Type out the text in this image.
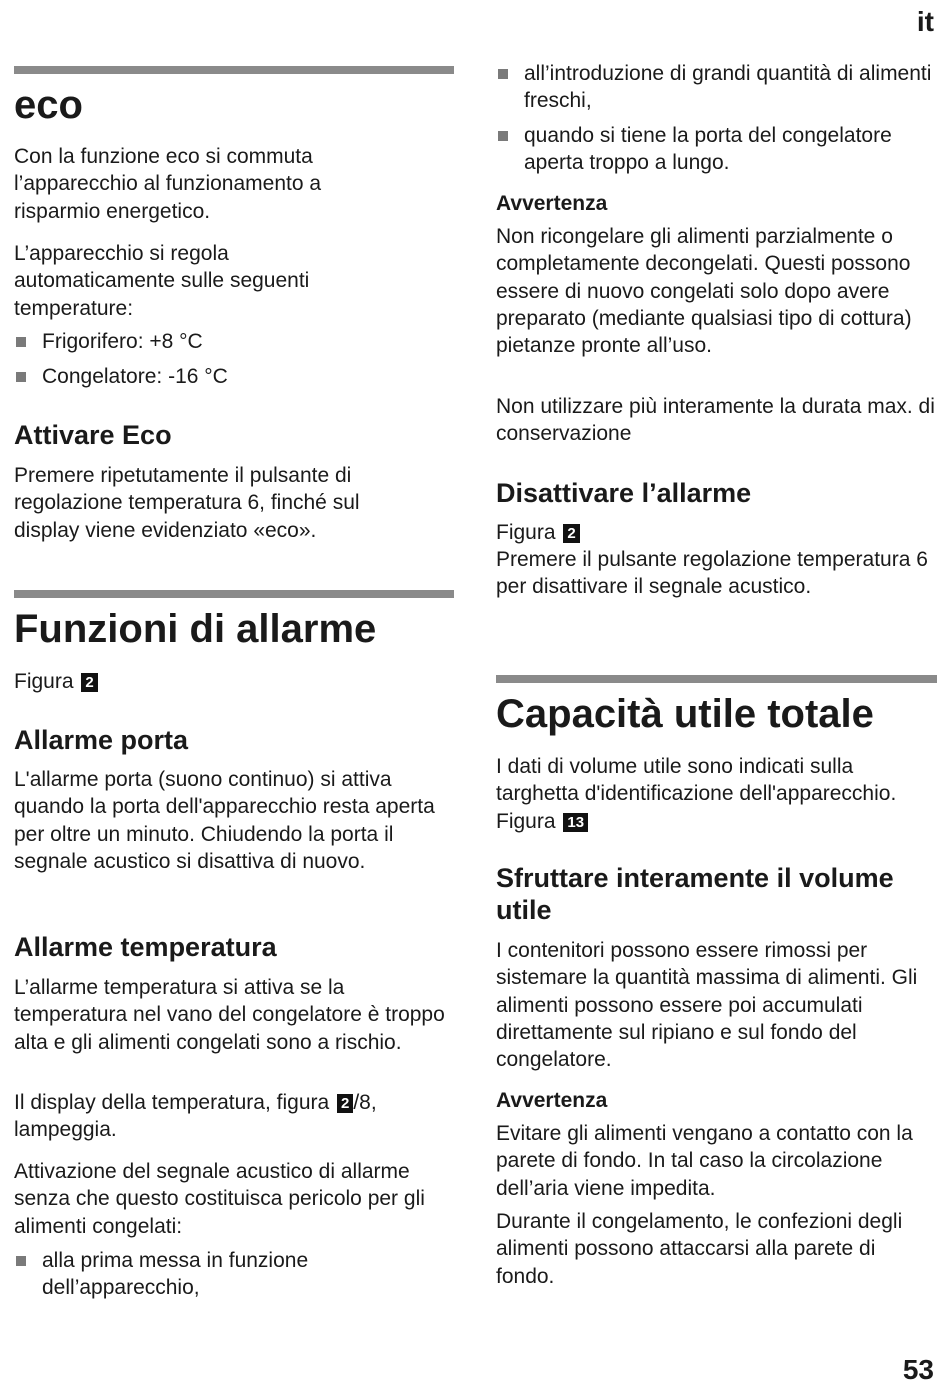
it
eco

Con la funzione eco si commuta l’apparecchio al funzionamento a risparmio energetico.

L’apparecchio si regola automaticamente sulle seguenti temperature:

Frigorifero: +8 °C

Congelatore: -16 °C

Attivare Eco

Premere ripetutamente il pulsante di regolazione temperatura 6, finché sul display viene evidenziato «eco».

Funzioni di allarme

Figura 2

Allarme porta

L'allarme porta (suono continuo) si attiva quando la porta dell'apparecchio resta aperta per oltre un minuto. Chiudendo la porta il segnale acustico si disattiva di nuovo.

Allarme temperatura

L’allarme temperatura si attiva se la temperatura nel vano del congelatore è troppo alta e gli alimenti congelati sono a rischio.

Il display della temperatura, figura 2 /8, lampeggia.

Attivazione del segnale acustico di allarme senza che questo costituisca pericolo per gli alimenti congelati:

alla prima messa in funzione dell’apparecchio,

all’introduzione di grandi quantità di alimenti freschi,

quando si tiene la porta del congelatore aperta troppo a lungo.

Avvertenza

Non ricongelare gli alimenti parzialmente o completamente decongelati. Questi possono essere di nuovo congelati solo dopo avere preparato (mediante qualsiasi tipo di cottura) pietanze pronte all’uso.

Non utilizzare più interamente la durata max. di conservazione

Disattivare l’allarme

Figura 2

Premere il pulsante regolazione temperatura 6 per disattivare il segnale acustico.

Capacità utile totale

I dati di volume utile sono indicati sulla targhetta d'identificazione dell'apparecchio. Figura 13

Sfruttare interamente il volume utile

I contenitori possono essere rimossi per sistemare la quantità massima di alimenti. Gli alimenti possono essere poi accumulati direttamente sul ripiano e sul fondo del congelatore.

Avvertenza

Evitare gli alimenti vengano a contatto con la parete di fondo. In tal caso la circolazione dell’aria viene impedita.

Durante il congelamento, le confezioni degli alimenti possono attaccarsi alla parete di fondo.

53
